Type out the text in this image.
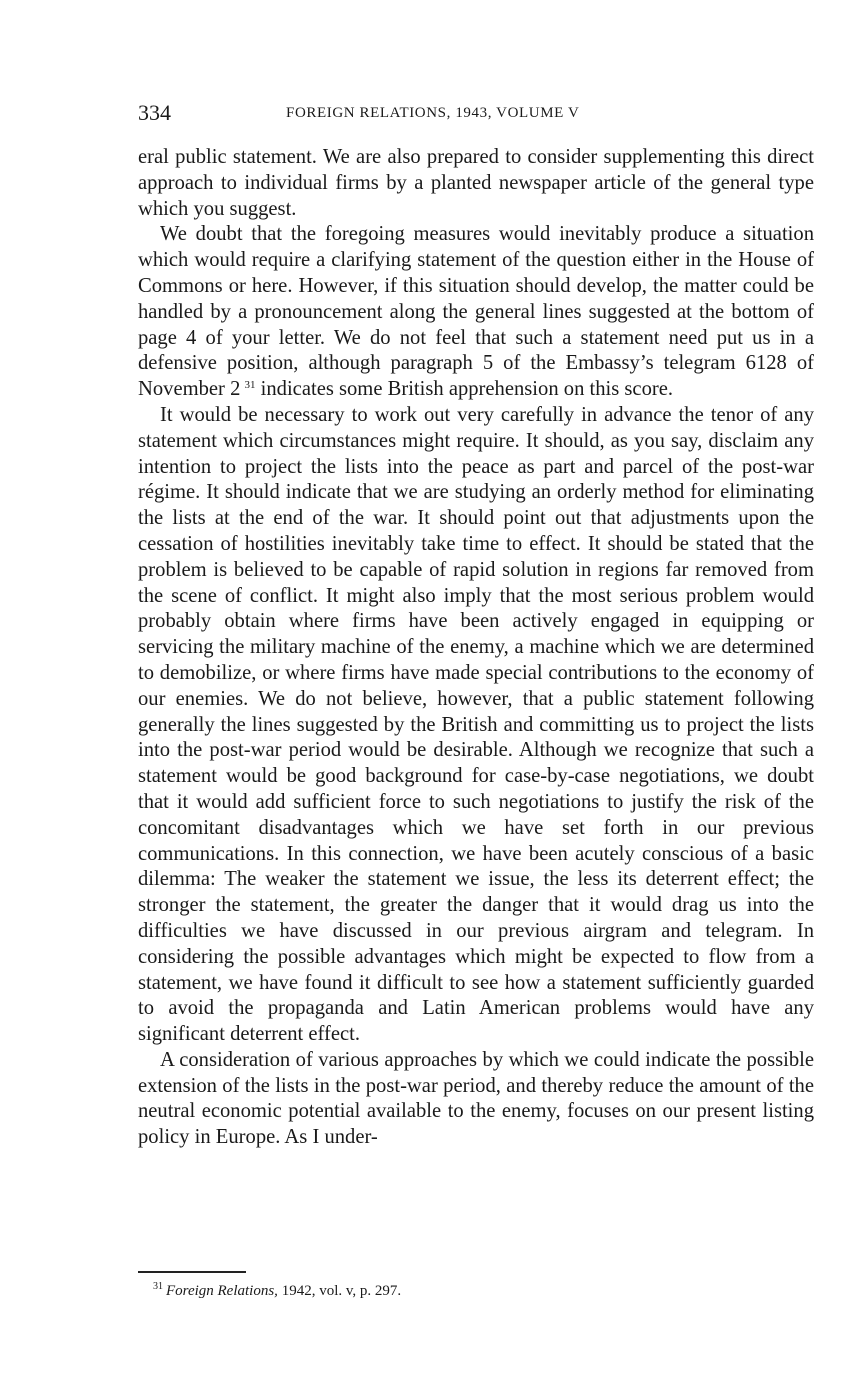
334	FOREIGN RELATIONS, 1943, VOLUME V

eral public statement. We are also prepared to consider supplementing this direct approach to individual firms by a planted newspaper article of the general type which you suggest.

We doubt that the foregoing measures would inevitably produce a situation which would require a clarifying statement of the question either in the House of Commons or here. However, if this situation should develop, the matter could be handled by a pronouncement along the general lines suggested at the bottom of page 4 of your letter. We do not feel that such a statement need put us in a defensive position, although paragraph 5 of the Embassy’s telegram 6128 of November 2  $^{31}$ indicates some British apprehension on this score.

It would be necessary to work out very carefully in advance the tenor of any statement which circumstances might require. It should, as you say, disclaim any intention to project the lists into the peace as part and parcel of the post-war régime. It should indicate that we are studying an orderly method for eliminating the lists at the end of the war. It should point out that adjustments upon the cessation of hostilities inevitably take time to effect. It should be stated that the problem is believed to be capable of rapid solution in regions far removed from the scene of conflict. It might also imply that the most serious problem would probably obtain where firms have been actively engaged in equipping or servicing the military machine of the enemy, a machine which we are determined to demobilize, or where firms have made special contributions to the economy of our enemies. We do not believe, however, that a public statement following generally the lines suggested by the British and committing us to project the lists into the post-war period would be desirable. Although we recognize that such a statement would be good background for case-by-case negotiations, we doubt that it would add sufficient force to such negotiations to justify the risk of the concomitant disadvantages which we have set forth in our previous communications. In this connection, we have been acutely conscious of a basic dilemma: The weaker the statement we issue, the less its deterrent effect; the stronger the statement, the greater the danger that it would drag us into the difficulties we have discussed in our previous airgram and telegram. In considering the possible advantages which might be expected to flow from a statement, we have found it difficult to see how a statement sufficiently guarded to avoid the propaganda and Latin American problems would have any significant deterrent effect.

A consideration of various approaches by which we could indicate the possible extension of the lists in the post-war period, and thereby reduce the amount of the neutral economic potential available to the enemy, focuses on our present listing policy in Europe. As I under-

$^{31}$ Foreign Relations, 1942, vol. v, p. 297.
